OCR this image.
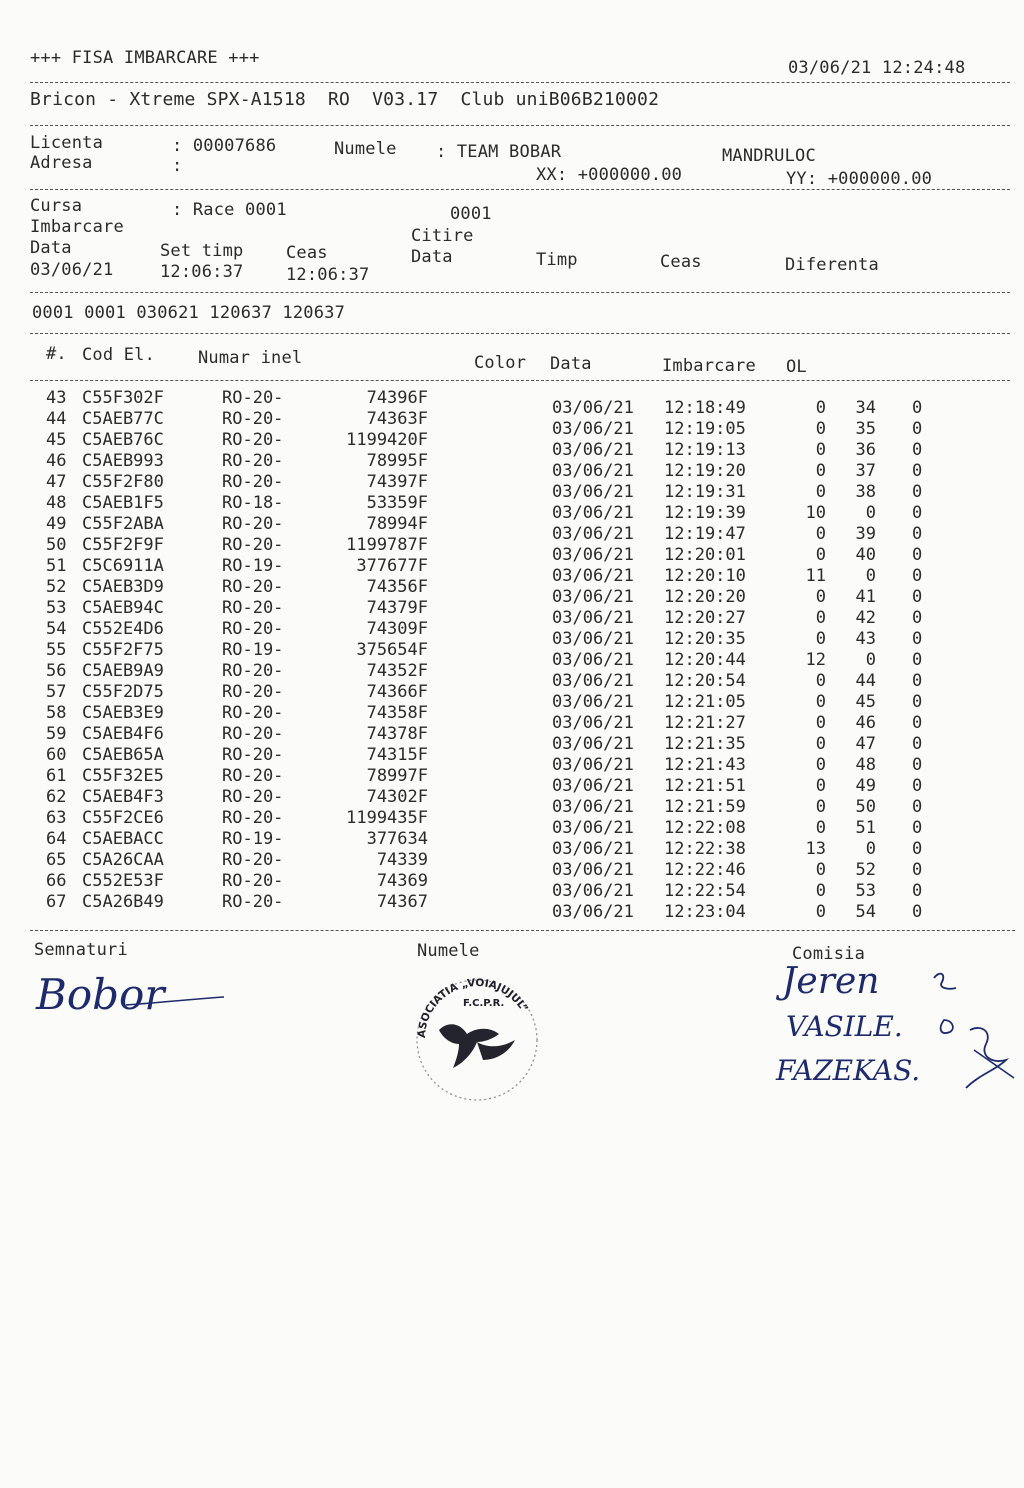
+++ FISA IMBARCARE +++	03/06/21 12:24:48
Bricon - Xtreme SPX-A1518  RO  V03.17  Club uniB06B210002
Licenta	: 00007686	Numele : TEAM BOBAR	MANDRULOC
Adresa	:	XX: +000000.00	YY: +000000.00
Cursa	: Race 0001	0001
Imbarcare	Citire
Data	Set timp	Ceas	Data	Timp	Ceas	Diferenta
03/06/21	12:06:37	12:06:37
0001 0001 030621 120637 120637
#. Cod El.	Numar inel	Color Data	Imbarcare OL
43 C55F302F	RO-20-	74396F	03/06/21 12:18:49	0	34 0
44 C5AEB77C	RO-20-	74363F	03/06/21 12:19:05	0	35 0
45 C5AEB76C	RO-20-	1199420F	03/06/21 12:19:13	0	36 0
46 C5AEB993	RO-20-	78995F	03/06/21 12:19:20	0	37 0
47 C55F2F80	RO-20-	74397F	03/06/21 12:19:31	0	38 0
48 C5AEB1F5	RO-18-	53359F	03/06/21 12:19:39	10	0 0
49 C55F2ABA	RO-20-	78994F	03/06/21 12:19:47	0	39 0
50 C55F2F9F	RO-20-	1199787F	03/06/21 12:20:01	0	40 0
51 C5C6911A	RO-19-	377677F	03/06/21 12:20:10	11	0 0
52 C5AEB3D9	RO-20-	74356F	03/06/21 12:20:20	0	41 0
53 C5AEB94C	RO-20-	74379F	03/06/21 12:20:27	0	42 0
54 C552E4D6	RO-20-	74309F	03/06/21 12:20:35	0	43 0
55 C55F2F75	RO-19-	375654F	03/06/21 12:20:44	12	0 0
56 C5AEB9A9	RO-20-	74352F	03/06/21 12:20:54	0	44 0
57 C55F2D75	RO-20-	74366F	03/06/21 12:21:05	0	45 0
58 C5AEB3E9	RO-20-	74358F	03/06/21 12:21:27	0	46 0
59 C5AEB4F6	RO-20-	74378F	03/06/21 12:21:35	0	47 0
60 C5AEB65A	RO-20-	74315F	03/06/21 12:21:43	0	48 0
61 C55F32E5	RO-20-	78997F	03/06/21 12:21:51	0	49 0
62 C5AEB4F3	RO-20-	74302F	03/06/21 12:21:59	0	50 0
63 C55F2CE6	RO-20-	1199435F	03/06/21 12:22:08	0	51 0
64 C5AEBACC	RO-19-	377634	03/06/21 12:22:38	13	0 0
65 C5A26CAA	RO-20-	74339	03/06/21 12:22:46	0	52 0
66 C552E53F	RO-20-	74369	03/06/21 12:22:54	0	53 0
67 C5A26B49	RO-20-	74367	03/06/21 12:23:04	0	54 0
Semnaturi	Numele	Comisia
Bobor
ASOCIATIA „VOIAJUJUL”
F.C.P.R.
Jeren
VASILE.
FAZEKAS.
